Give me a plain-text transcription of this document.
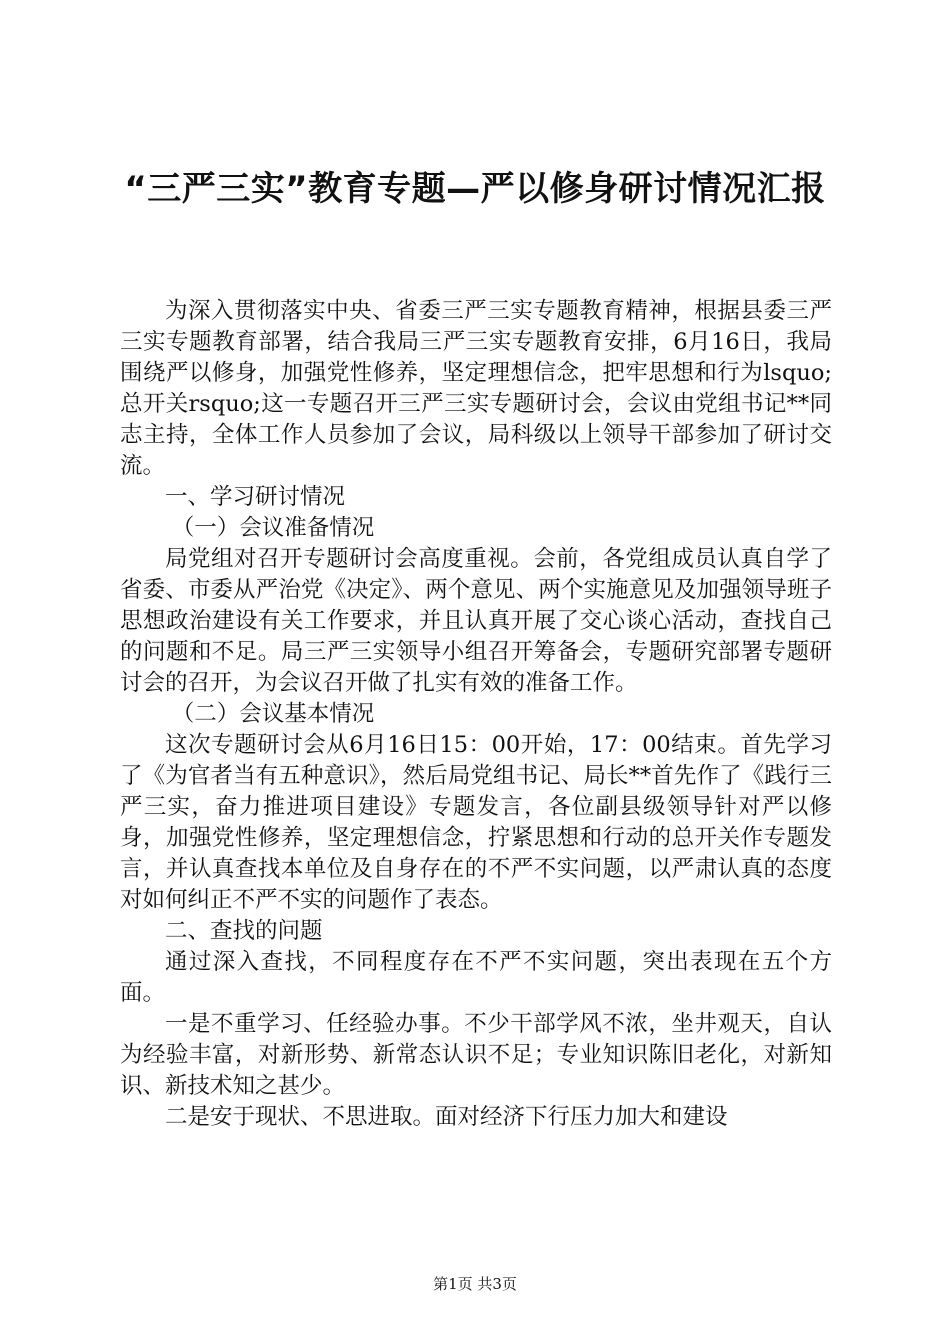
“三严三实”教育专题—严以修身研讨情况汇报

为深入贯彻落实中央、省委三严三实专题教育精神，根据县委三严三实专题教育部署，结合我局三严三实专题教育安排，6月16日，我局围绕严以修身，加强党性修养，坚定理想信念，把牢思想和行为lsquo;总开关rsquo;这一专题召开三严三实专题研讨会，会议由党组书记**同志主持，全体工作人员参加了会议，局科级以上领导干部参加了研讨交流。

一、学习研讨情况

（一）会议准备情况

局党组对召开专题研讨会高度重视。会前，各党组成员认真自学了省委、市委从严治党《决定》、两个意见、两个实施意见及加强领导班子思想政治建设有关工作要求，并且认真开展了交心谈心活动，查找自己的问题和不足。局三严三实领导小组召开筹备会，专题研究部署专题研讨会的召开，为会议召开做了扎实有效的准备工作。

（二）会议基本情况

这次专题研讨会从6月16日15：00开始，17：00结束。首先学习了《为官者当有五种意识》，然后局党组书记、局长**首先作了《践行三严三实，奋力推进项目建设》专题发言，各位副县级领导针对严以修身，加强党性修养，坚定理想信念，拧紧思想和行动的总开关作专题发言，并认真查找本单位及自身存在的不严不实问题，以严肃认真的态度对如何纠正不严不实的问题作了表态。

二、查找的问题

通过深入查找，不同程度存在不严不实问题，突出表现在五个方面。

一是不重学习、任经验办事。不少干部学风不浓，坐井观天，自认为经验丰富，对新形势、新常态认识不足；专业知识陈旧老化，对新知识、新技术知之甚少。

二是安于现状、不思进取。面对经济下行压力加大和建设

第1页 共3页
